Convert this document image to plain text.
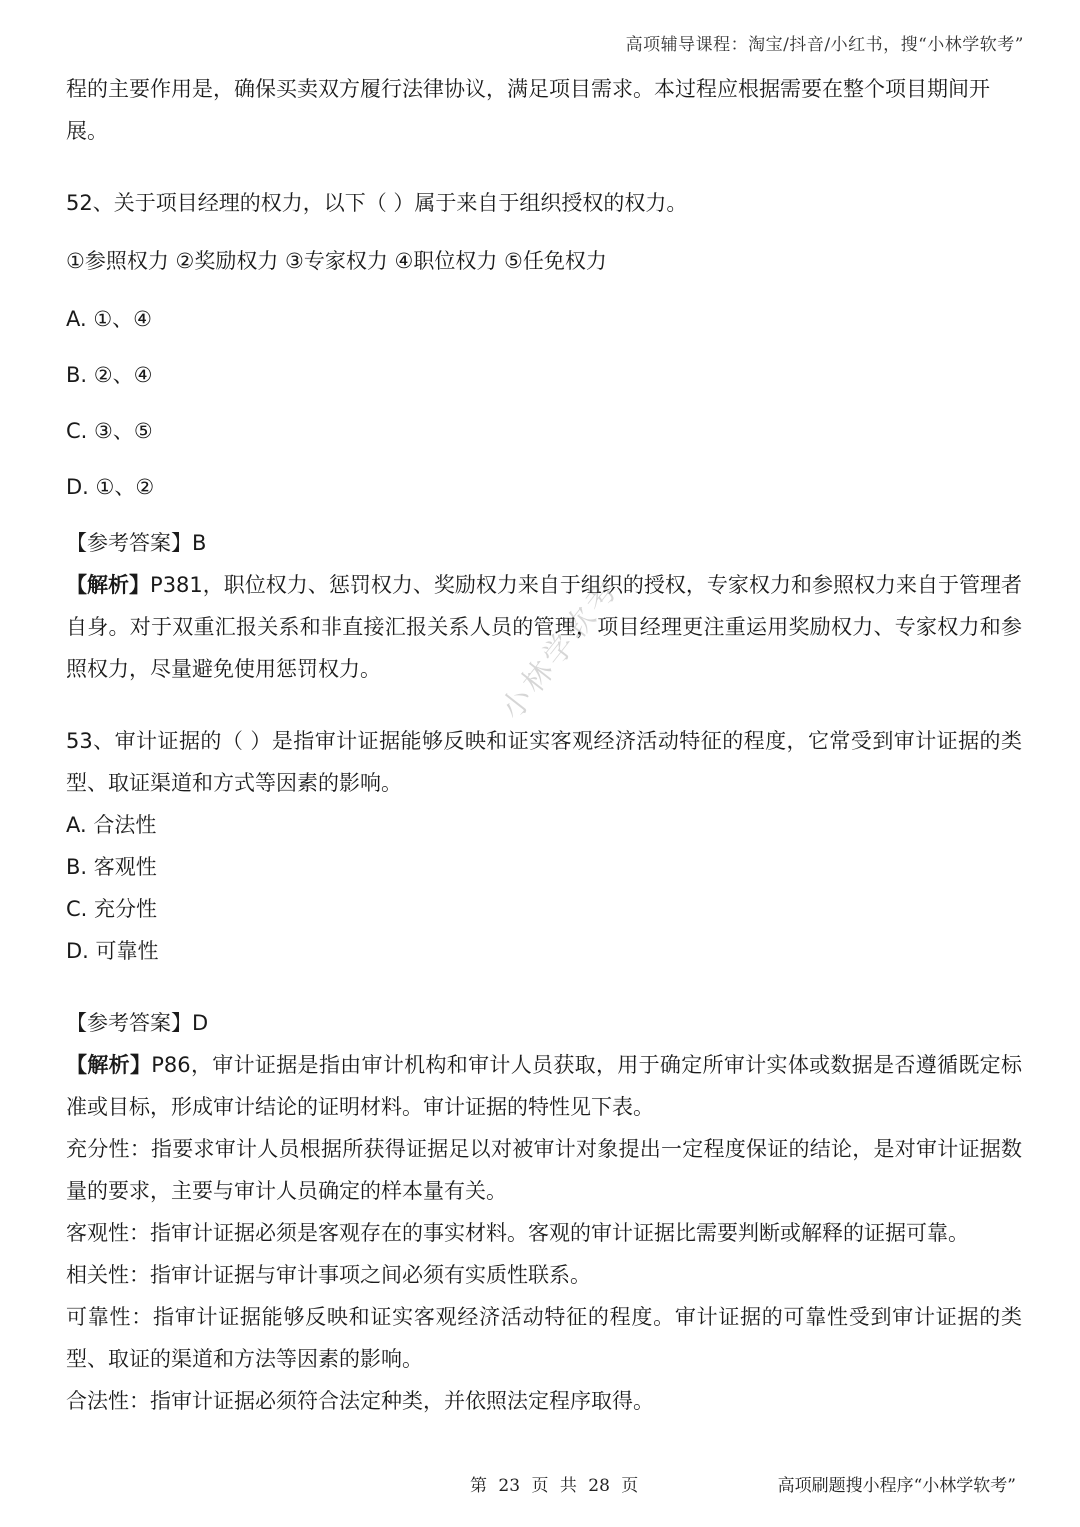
高项辅导课程：淘宝/抖音/小红书，搜“小林学软考”
小林学软考
程的主要作用是，确保买卖双方履行法律协议，满足项目需求。本过程应根据需要在整个项目期间开
展。
52、关于项目经理的权力，以下（ ）属于来自于组织授权的权力。
①参照权力 ②奖励权力 ③专家权力 ④职位权力 ⑤任免权力
A. ①、④
B. ②、④
C. ③、⑤
D. ①、②
【参考答案】B
【解析】P381，职位权力、惩罚权力、奖励权力来自于组织的授权，专家权力和参照权力来自于管理者自身。对于双重汇报关系和非直接汇报关系人员的管理，项目经理更注重运用奖励权力、专家权力和参照权力，尽量避免使用惩罚权力。
53、审计证据的（ ）是指审计证据能够反映和证实客观经济活动特征的程度，它常受到审计证据的类型、取证渠道和方式等因素的影响。
A. 合法性
B. 客观性
C. 充分性
D. 可靠性
【参考答案】D
【解析】P86，审计证据是指由审计机构和审计人员获取，用于确定所审计实体或数据是否遵循既定标准或目标，形成审计结论的证明材料。审计证据的特性见下表。
充分性：指要求审计人员根据所获得证据足以对被审计对象提出一定程度保证的结论，是对审计证据数量的要求，主要与审计人员确定的样本量有关。
客观性：指审计证据必须是客观存在的事实材料。客观的审计证据比需要判断或解释的证据可靠。
相关性：指审计证据与审计事项之间必须有实质性联系。
可靠性：指审计证据能够反映和证实客观经济活动特征的程度。审计证据的可靠性受到审计证据的类型、取证的渠道和方法等因素的影响。
合法性：指审计证据必须符合法定种类，并依照法定程序取得。
第 23 页 共 28 页	高项刷题搜小程序“小林学软考”
